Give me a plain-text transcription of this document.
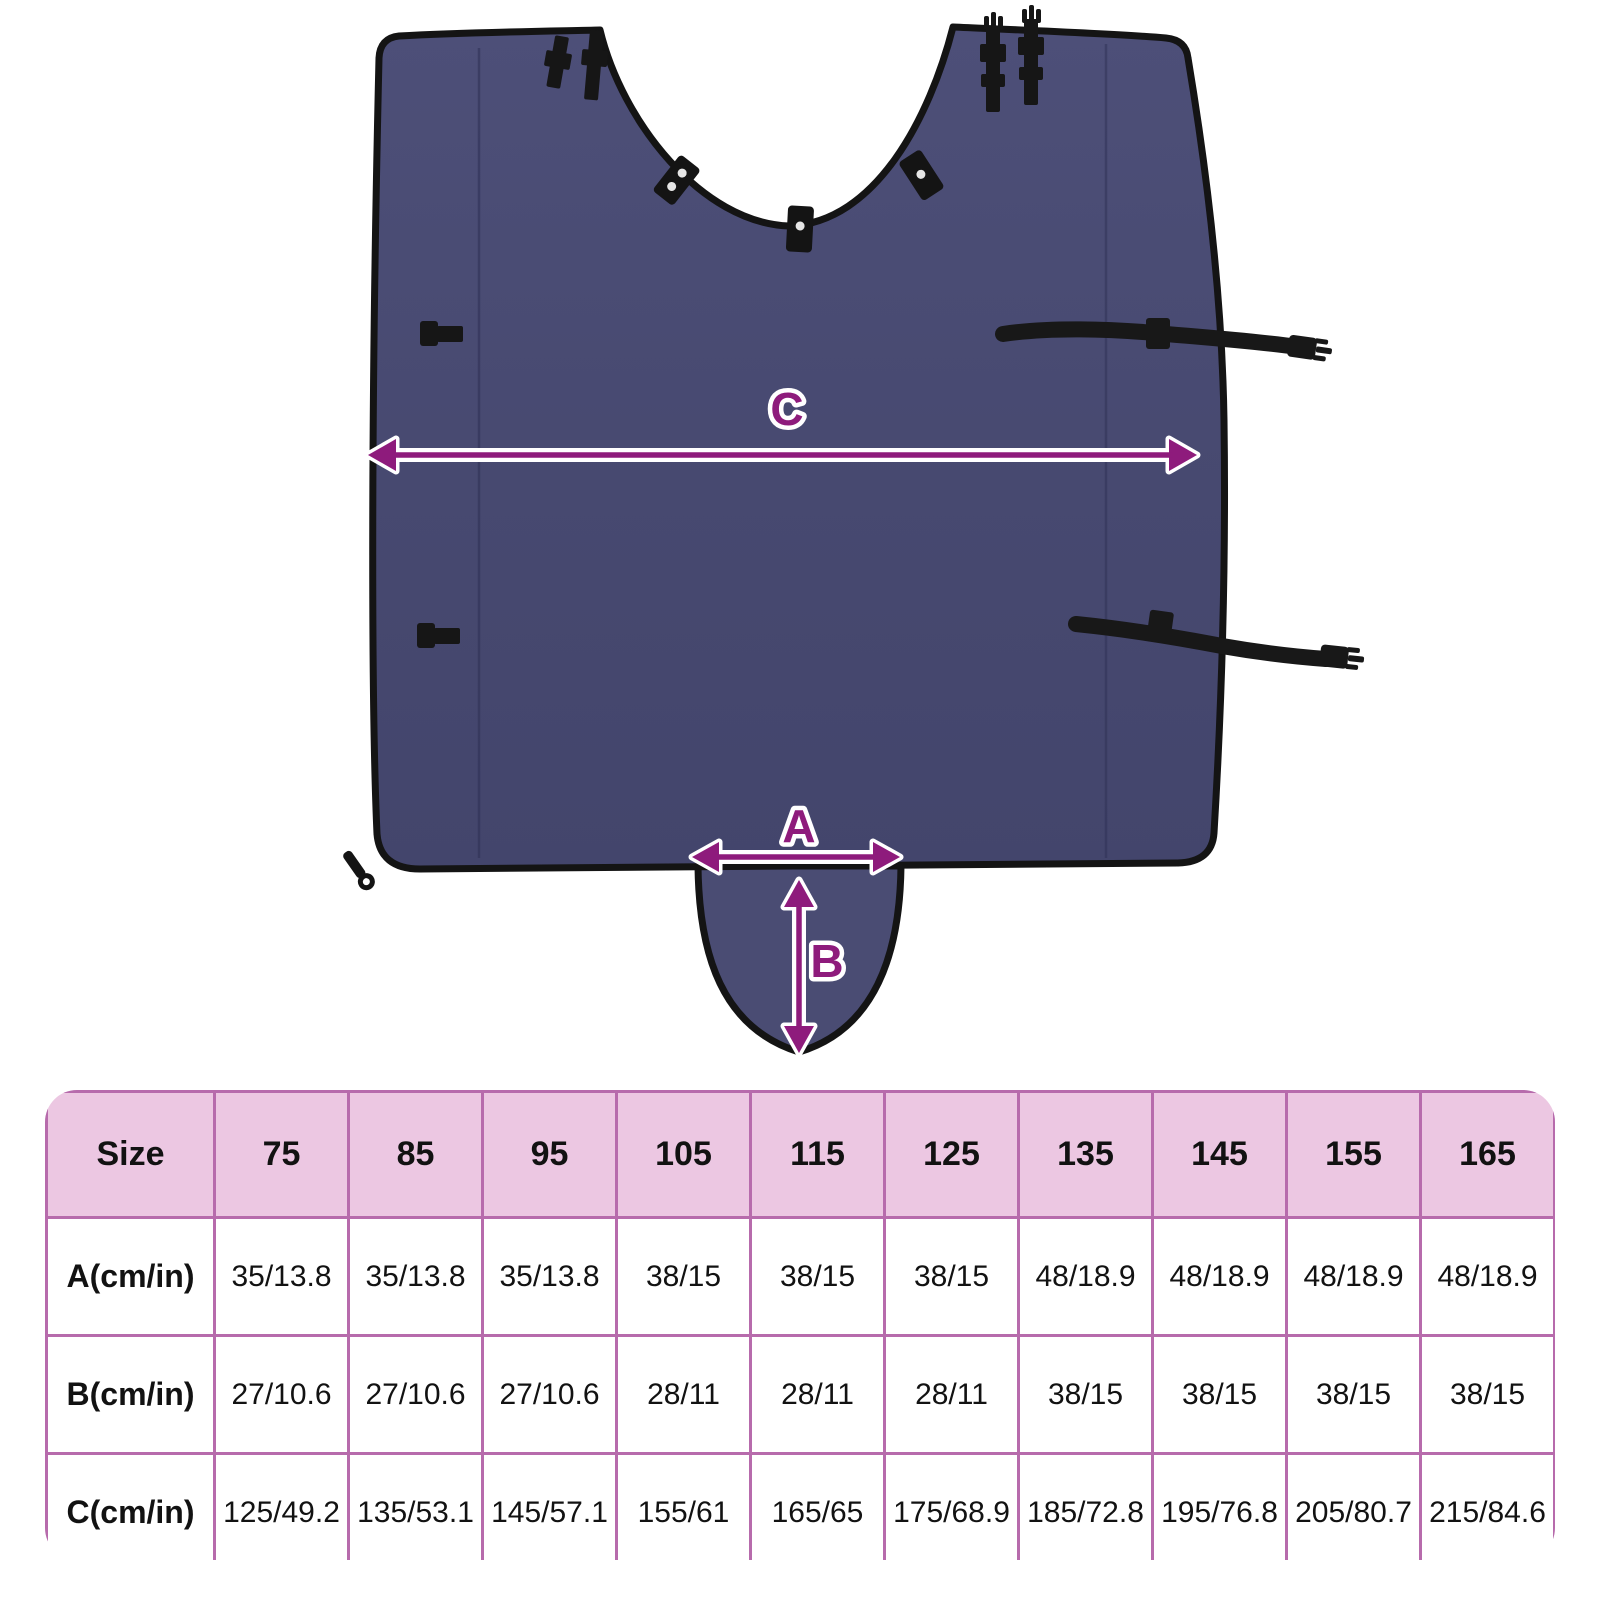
C
A
B
Size	75	85	95	105	115	125	135	145	155	165
A(cm/in)	35/13.8	35/13.8	35/13.8	38/15	38/15	38/15	48/18.9	48/18.9	48/18.9	48/18.9
B(cm/in)	27/10.6	27/10.6	27/10.6	28/11	28/11	28/11	38/15	38/15	38/15	38/15
C(cm/in)	125/49.2	135/53.1	145/57.1	155/61	165/65	175/68.9	185/72.8	195/76.8	205/80.7	215/84.6
